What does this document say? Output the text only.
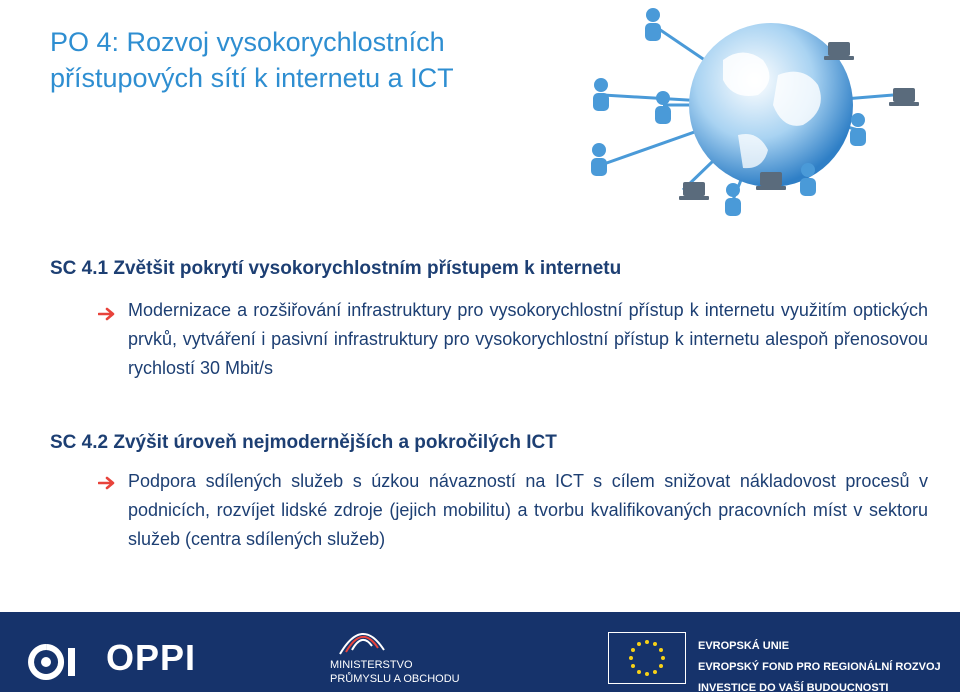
PO 4: Rozvoj vysokorychlostních
přístupových sítí k internetu a ICT
SC 4.1 Zvětšit pokrytí vysokorychlostním přístupem k internetu
Modernizace a rozšiřování infrastruktury pro vysokorychlostní přístup k internetu využitím optických prvků, vytváření i pasivní infrastruktury pro vysokorychlostní přístup k internetu alespoň přenosovou rychlostí 30 Mbit/s
SC 4.2 Zvýšit úroveň nejmodernějších a pokročilých ICT
Podpora sdílených služeb s úzkou návazností na ICT s cílem snižovat nákladovost procesů v podnicích, rozvíjet lidské zdroje (jejich mobilitu) a tvorbu kvalifikovaných pracovních míst v sektoru služeb (centra sdílených služeb)
OPPI	MINISTERSTVO
PRŮMYSLU A OBCHODU
EVROPSKÁ UNIE
EVROPSKÝ FOND PRO REGIONÁLNÍ ROZVOJ
INVESTICE DO VAŠÍ BUDOUCNOSTI
